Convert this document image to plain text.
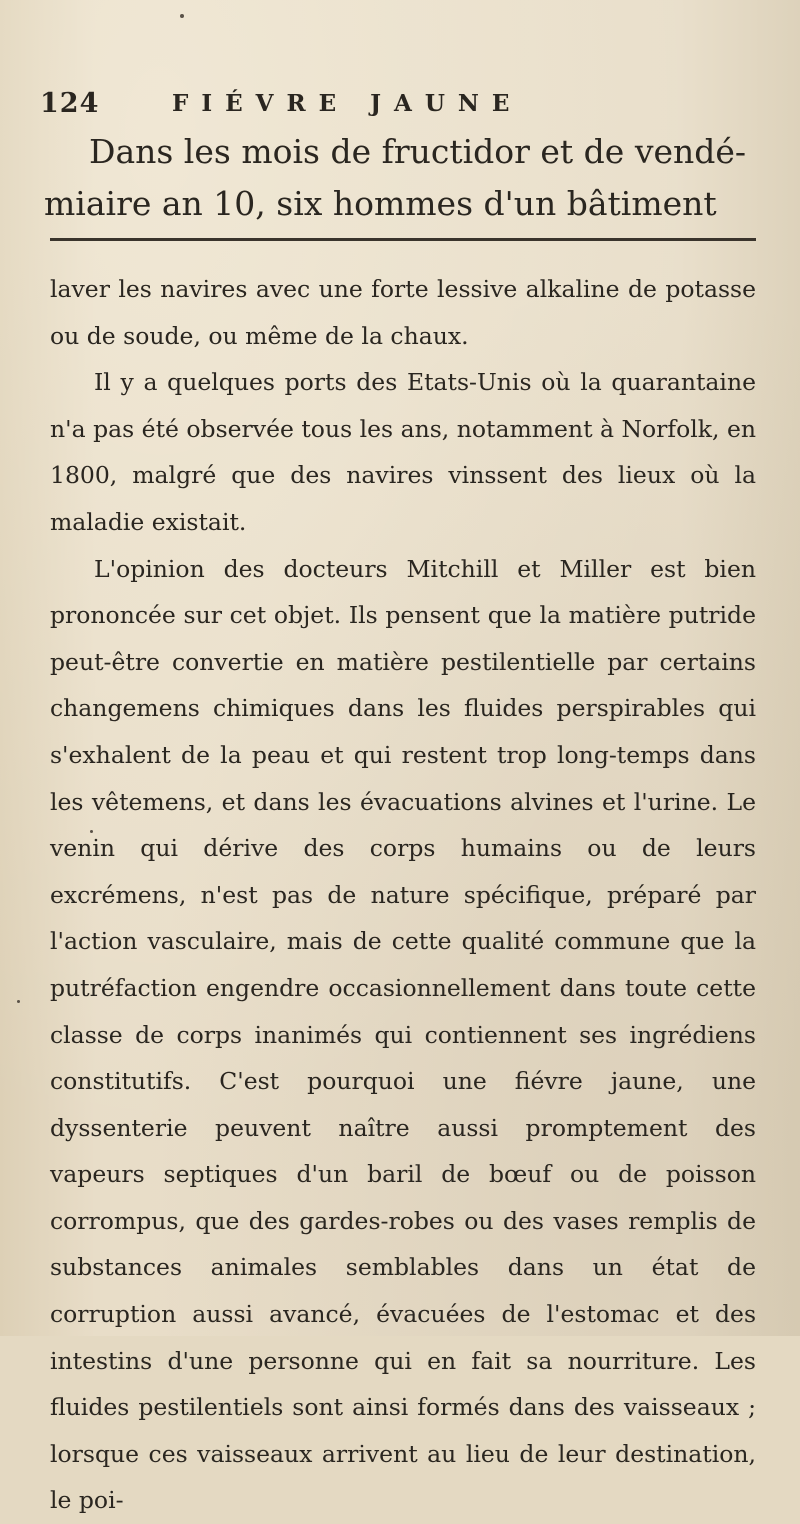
124	FIÉVRE JAUNE

Dans les mois de fructidor et de vendé-

miaire an 10, six hommes d'un bâtiment

laver les navires avec une forte lessive alkaline de potasse ou de soude, ou même de la chaux.

Il y a quelques ports des Etats-Unis où la quarantaine n'a pas été observée tous les ans, notamment à Norfolk, en 1800, malgré que des navires vinssent des lieux où la maladie existait.

L'opinion des docteurs Mitchill et Miller est bien prononcée sur cet objet. Ils pensent que la matière putride peut-être convertie en matière pestilentielle par certains changemens chimiques dans les fluides perspirables qui s'exhalent de la peau et qui restent trop long-temps dans les vêtemens, et dans les évacuations alvines et l'urine. Le venin qui dérive des corps humains ou de leurs excrémens, n'est pas de nature spécifique, préparé par l'action vasculaire, mais de cette qualité commune que la putréfaction engendre occasionnellement dans toute cette classe de corps inanimés qui contiennent ses ingrédiens constitutifs. C'est pourquoi une fiévre jaune, une dyssenterie peuvent naître aussi promptement des vapeurs septiques d'un baril de bœuf ou de poisson corrompus, que des gardes-robes ou des vases remplis de substances animales semblables dans un état de corruption aussi avancé, évacuées de l'estomac et des intestins d'une personne qui en fait sa nourriture. Les fluides pestilentiels sont ainsi formés dans des vaisseaux ; lorsque ces vaisseaux arrivent au lieu de leur destination, le poi-
